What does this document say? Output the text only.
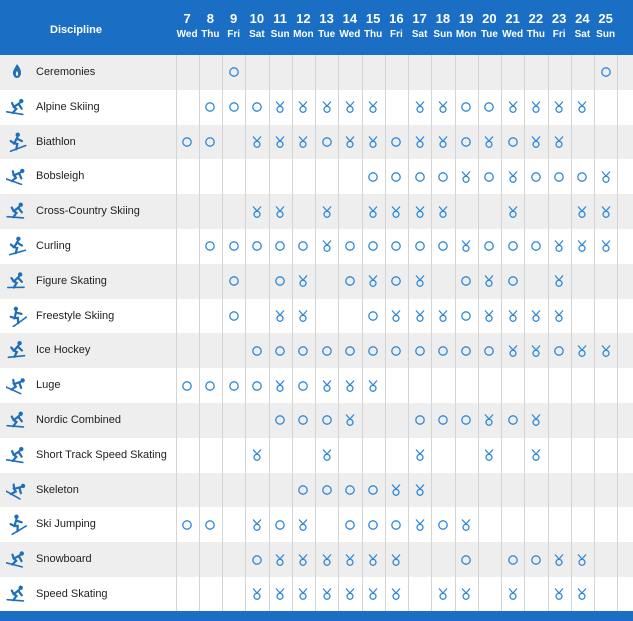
Discipline
7
Wed
8
Thu
9
Fri
10
Sat
11
Sun
12
Mon
13
Tue
14
Wed
15
Thu
16
Fri
17
Sat
18
Sun
19
Mon
20
Tue
21
Wed
22
Thu
23
Fri
24
Sat
25
Sun
Ceremonies
Alpine Skiing
Biathlon
Bobsleigh
Cross-Country Skiing
Curling
Figure Skating
Freestyle Skiing
Ice Hockey
Luge
Nordic Combined
Short Track Speed Skating
Skeleton
Ski Jumping
Snowboard
Speed Skating
